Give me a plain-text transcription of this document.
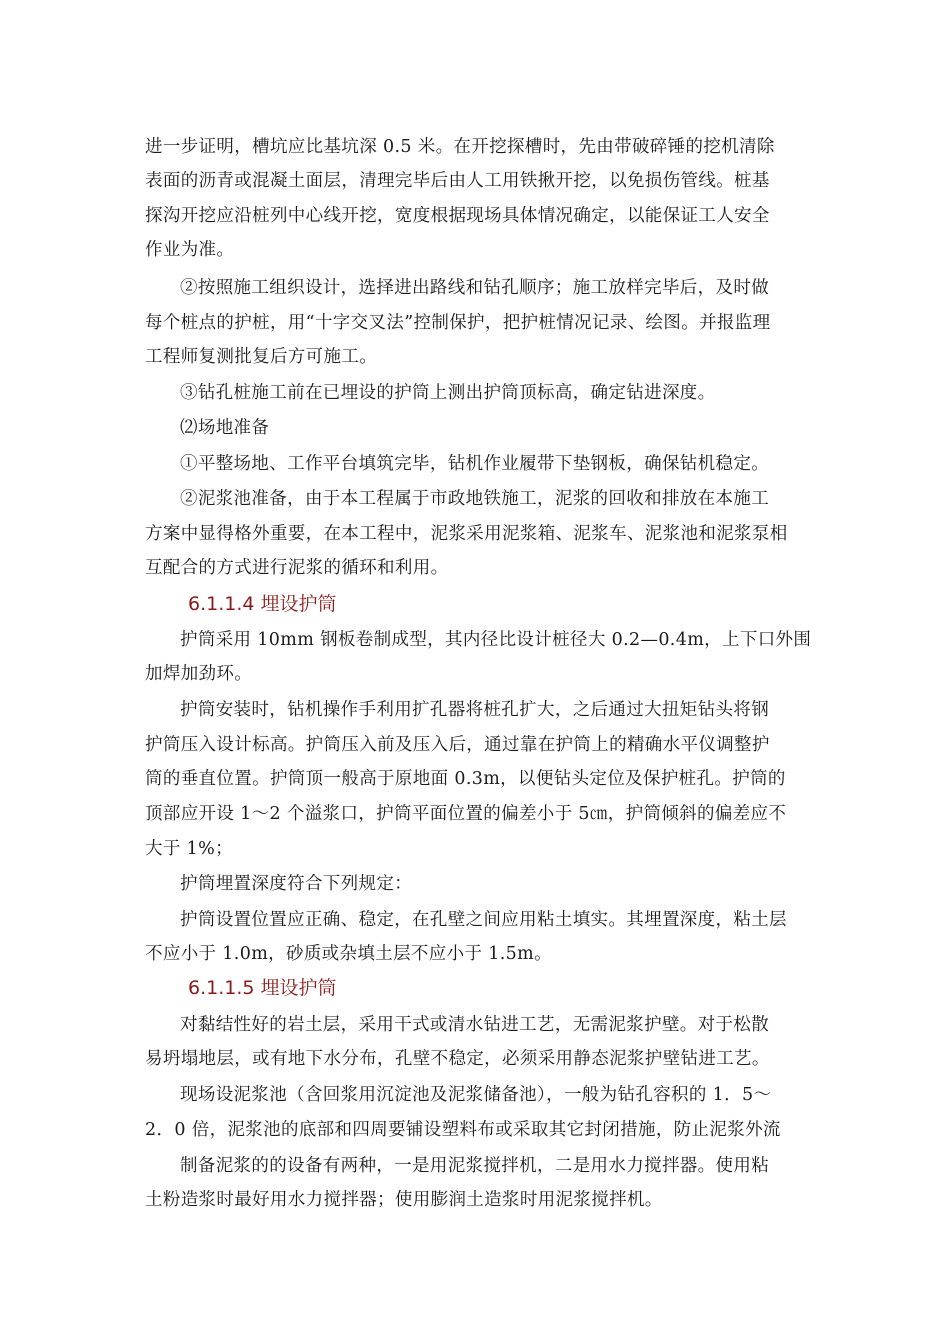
进一步证明，槽坑应比基坑深 0.5 米。在开挖探槽时，先由带破碎锤的挖机清除
表面的沥青或混凝土面层，清理完毕后由人工用铁揪开挖，以免损伤管线。桩基
探沟开挖应沿桩列中心线开挖，宽度根据现场具体情况确定，以能保证工人安全
作业为准。
②按照施工组织设计，选择进出路线和钻孔顺序；施工放样完毕后，及时做
每个桩点的护桩，用“十字交叉法”控制保护，把护桩情况记录、绘图。并报监理
工程师复测批复后方可施工。
③钻孔桩施工前在已埋设的护筒上测出护筒顶标高，确定钻进深度。
⑵场地准备
①平整场地、工作平台填筑完毕，钻机作业履带下垫钢板，确保钻机稳定。
②泥浆池准备，由于本工程属于市政地铁施工，泥浆的回收和排放在本施工
方案中显得格外重要，在本工程中，泥浆采用泥浆箱、泥浆车、泥浆池和泥浆泵相
互配合的方式进行泥浆的循环和利用。
6.1.1.4 埋设护筒
护筒采用 10mm 钢板卷制成型，其内径比设计桩径大 0.2—0.4m，上下口外围
加焊加劲环。
护筒安装时，钻机操作手利用扩孔器将桩孔扩大，之后通过大扭矩钻头将钢
护筒压入设计标高。护筒压入前及压入后，通过靠在护筒上的精确水平仪调整护
筒的垂直位置。护筒顶一般高于原地面 0.3m，以便钻头定位及保护桩孔。护筒的
顶部应开设 1～2 个溢浆口，护筒平面位置的偏差小于 5㎝，护筒倾斜的偏差应不
大于 1%；
护筒埋置深度符合下列规定：
护筒设置位置应正确、稳定，在孔壁之间应用粘土填实。其埋置深度，粘土层
不应小于 1.0m，砂质或杂填土层不应小于 1.5m。
6.1.1.5 埋设护筒
对黏结性好的岩土层，采用干式或清水钻进工艺，无需泥浆护壁。对于松散
易坍塌地层，或有地下水分布，孔壁不稳定，必须采用静态泥浆护壁钻进工艺。
现场设泥浆池（含回浆用沉淀池及泥浆储备池），一般为钻孔容积的 1．5～
2．0 倍，泥浆池的底部和四周要铺设塑料布或采取其它封闭措施，防止泥浆外流
制备泥浆的的设备有两种，一是用泥浆搅拌机，二是用水力搅拌器。使用粘
土粉造浆时最好用水力搅拌器；使用膨润土造浆时用泥浆搅拌机。
